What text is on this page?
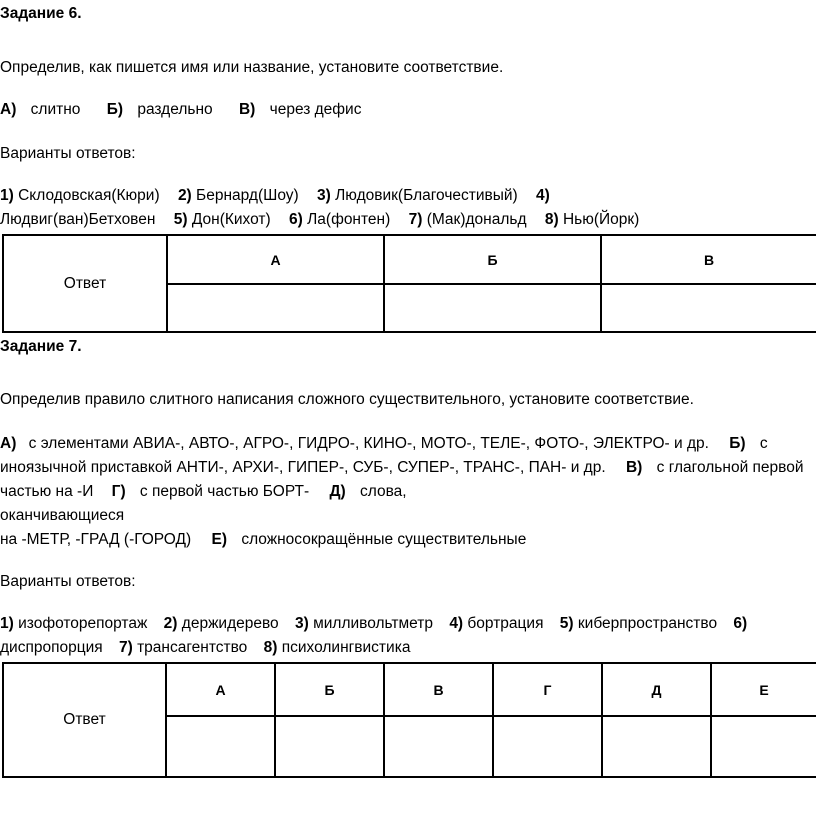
Задание 6.
Определив, как пишется имя или название, установите соответствие.
А) слитно Б) раздельно В) через дефис
Варианты ответов:
1) Склодовская(Кюри) 2) Бернард(Шоу) 3) Людовик(Благочестивый) 4)
Людвиг(ван)Бетховен 5) Дон(Кихот) 6) Ла(фонтен) 7) (Мак)дональд 8) Нью(Йорк)
Ответ	А	Б	В

Задание 7.
Определив правило слитного написания сложного существительного, установите соответствие.
А) с элементами АВИА-, АВТО-, АГРО-, ГИДРО-, КИНО-, МОТО-, ТЕЛЕ-, ФОТО-, ЭЛЕКТРО- и др. Б) с
иноязычной приставкой АНТИ-, АРХИ-, ГИПЕР-, СУБ-, СУПЕР-, ТРАНС-, ПАН- и др. В) с глагольной первой
частью на -И Г) с первой частью БОРТ- Д) слова,
оканчивающиеся
на -МЕТР, -ГРАД (-ГОРОД) Е) сложносокращённые существительные
Варианты ответов:
1) изофоторепортаж 2) держидерево 3) милливольтметр 4) бортрация 5) киберпространство 6)
диспропорция 7) трансагентство 8) психолингвистика
Ответ	А	Б	В	Г	Д	Е
